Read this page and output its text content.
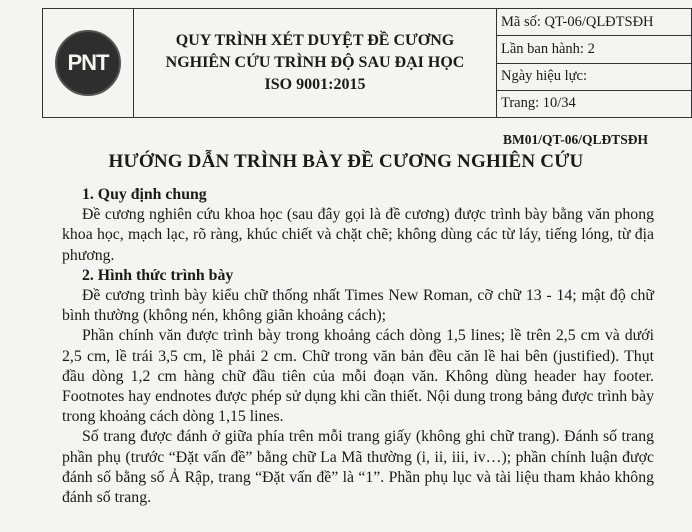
PNT

QUY TRÌNH XÉT DUYỆT ĐỀ CƯƠNG
NGHIÊN CỨU TRÌNH ĐỘ SAU ĐẠI HỌC
ISO 9001:2015
	Mã số: QT-06/QLĐTSĐH
Lần ban hành: 2
Ngày hiệu lực:
Trang: 10/34
BM01/QT-06/QLĐTSĐH
HƯỚNG DẪN TRÌNH BÀY ĐỀ CƯƠNG NGHIÊN CỨU
1. Quy định chung

Đề cương nghiên cứu khoa học (sau đây gọi là đề cương) được trình bày bằng văn phong khoa học, mạch lạc, rõ ràng, khúc chiết và chặt chẽ; không dùng các từ láy, tiếng lóng, từ địa phương.

2. Hình thức trình bày

Đề cương trình bày kiểu chữ thống nhất Times New Roman, cỡ chữ 13 - 14; mật độ chữ bình thường (không nén, không giãn khoảng cách);

Phần chính văn được trình bày trong khoảng cách dòng 1,5 lines; lề trên 2,5 cm và dưới 2,5 cm, lề trái 3,5 cm, lề phải 2 cm. Chữ trong văn bản đều căn lề hai bên (justified). Thụt đầu dòng 1,2 cm hàng chữ đầu tiên của mỗi đoạn văn. Không dùng header hay footer. Footnotes hay endnotes được phép sử dụng khi cần thiết. Nội dung trong bảng được trình bày trong khoảng cách dòng 1,15 lines.

Số trang được đánh ở giữa phía trên mỗi trang giấy (không ghi chữ trang). Đánh số trang phần phụ (trước “Đặt vấn đề” bằng chữ La Mã thường (i, ii, iii, iv…); phần chính luận được đánh số bằng số Ả Rập, trang “Đặt vấn đề” là “1”. Phần phụ lục và tài liệu tham khảo không đánh số trang.
